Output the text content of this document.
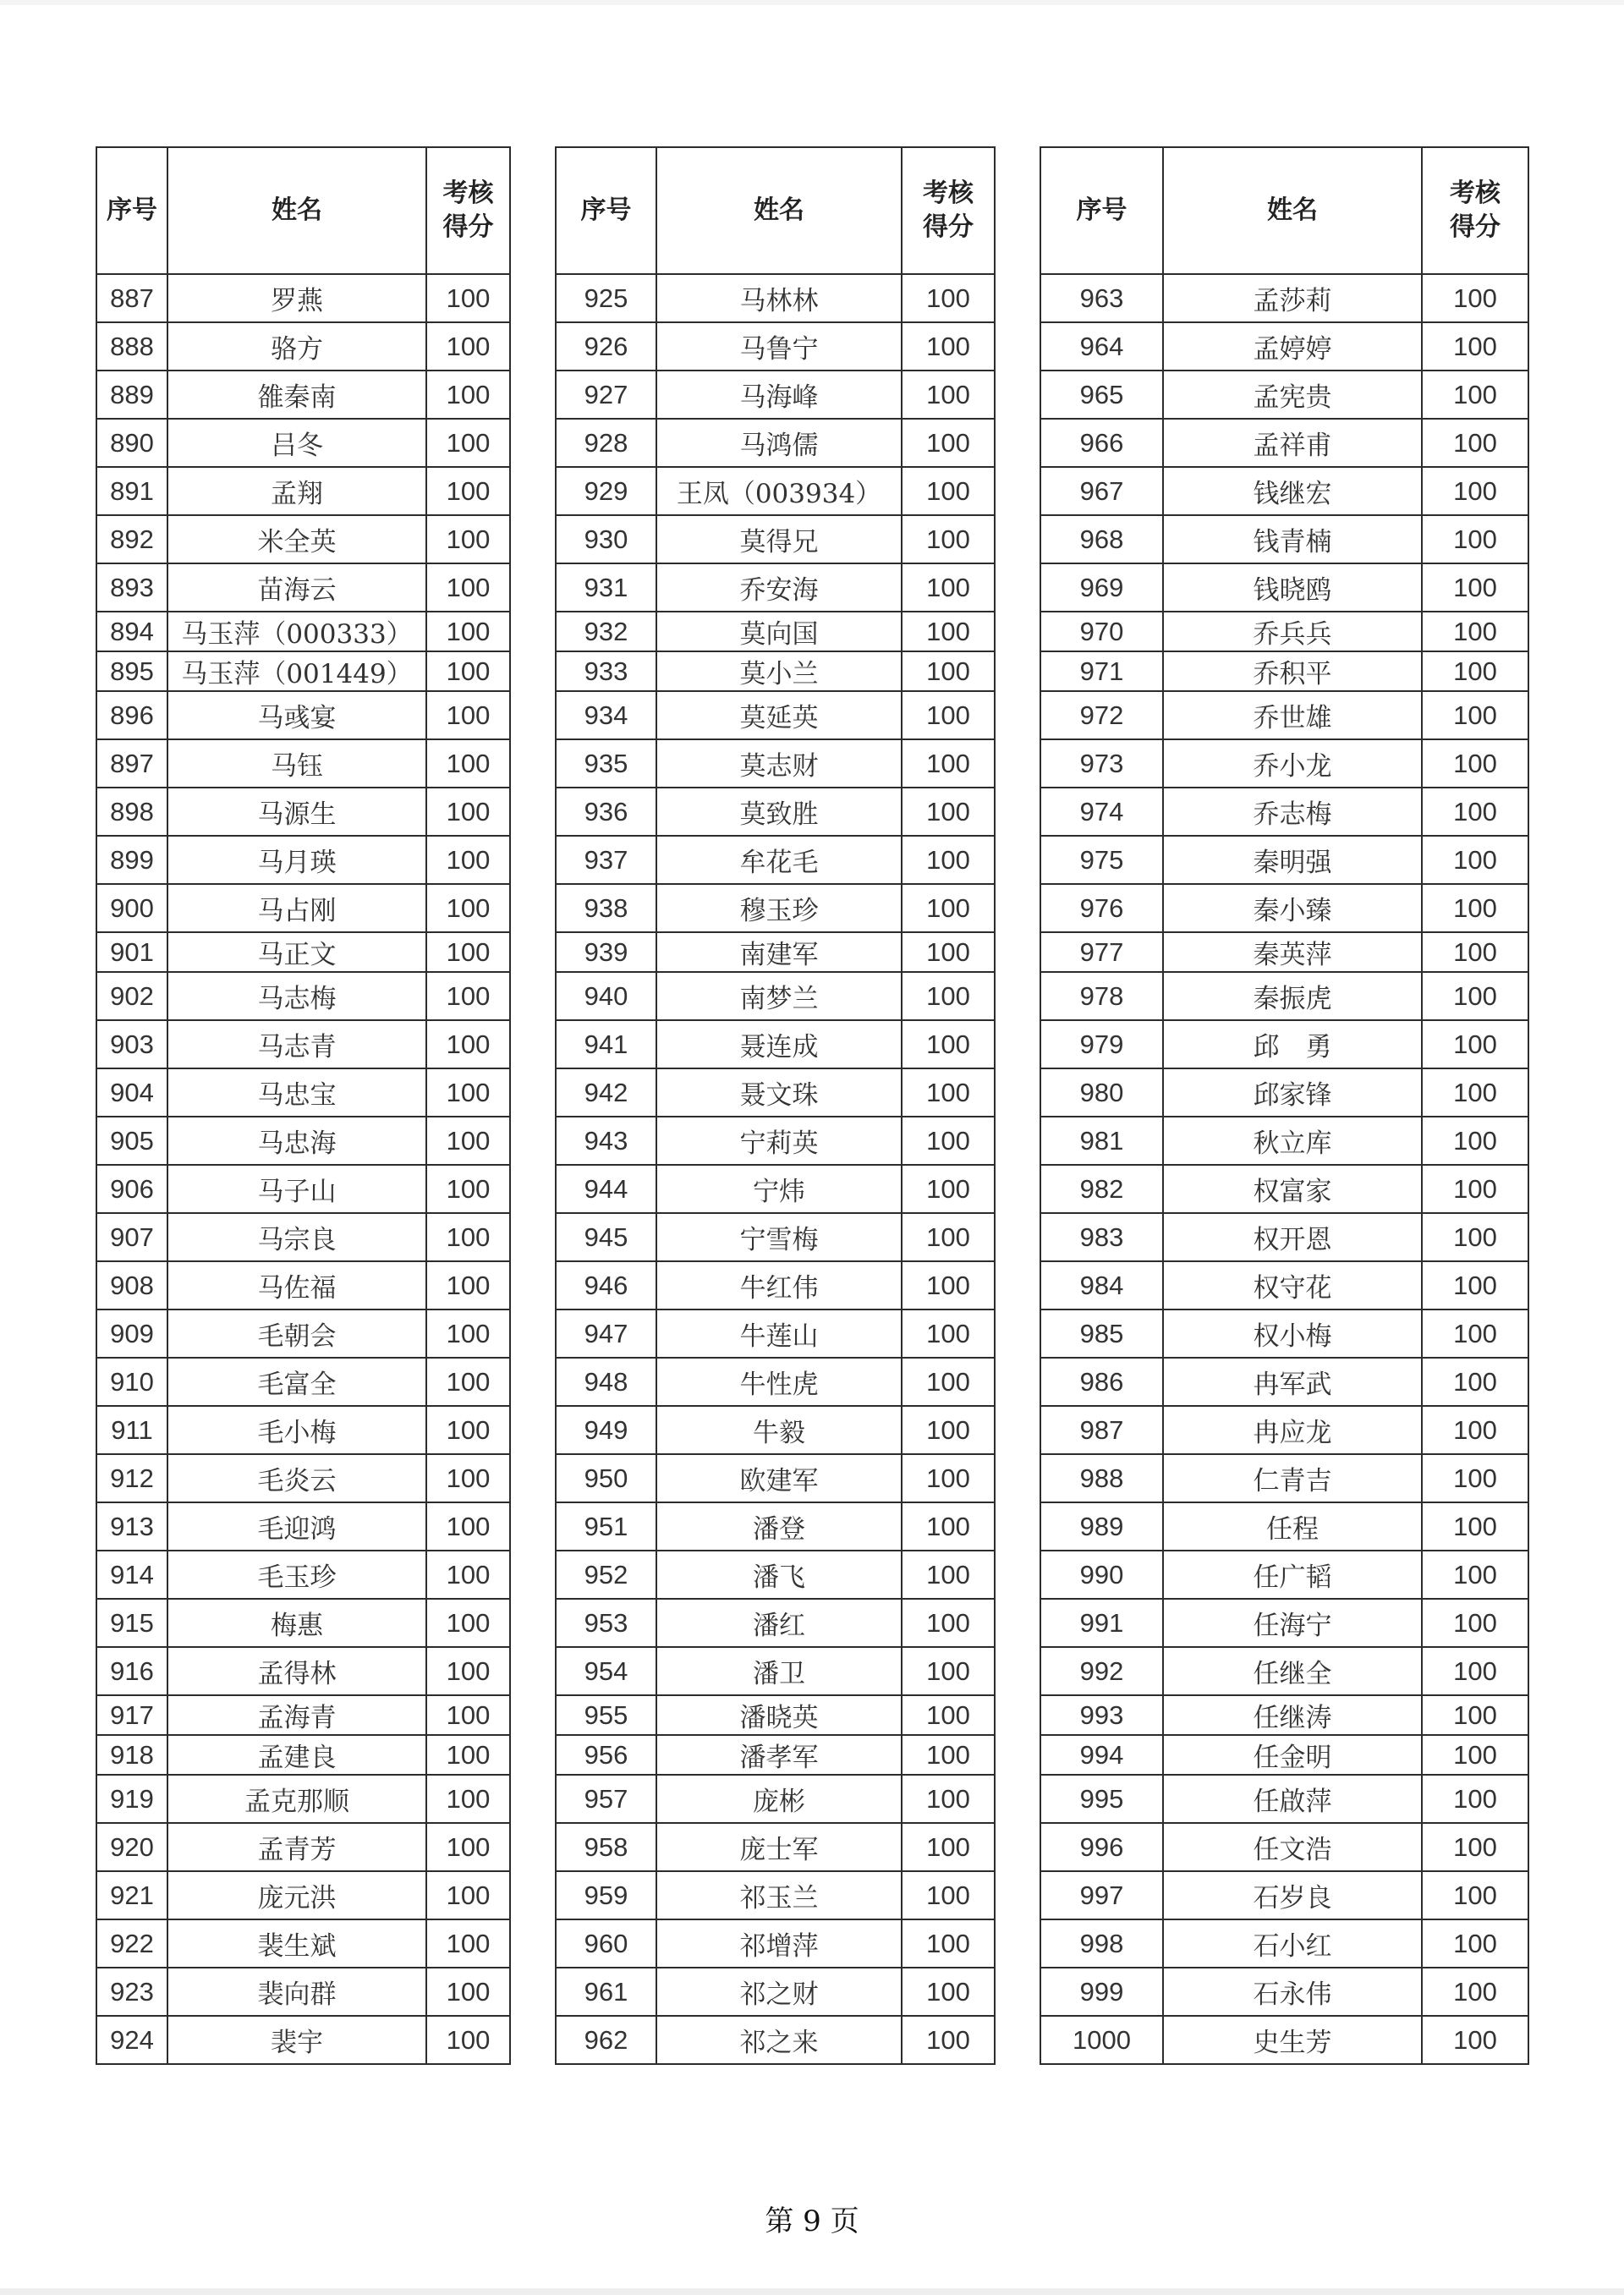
序号	姓名	考核
得分
887	罗燕	100
888	骆方	100
889	雒秦南	100
890	吕冬	100
891	孟翔	100
892	米全英	100
893	苗海云	100
894	马玉萍（000333）	100
895	马玉萍（001449）	100
896	马彧宴	100
897	马钰	100
898	马源生	100
899	马月瑛	100
900	马占刚	100
901	马正文	100
902	马志梅	100
903	马志青	100
904	马忠宝	100
905	马忠海	100
906	马子山	100
907	马宗良	100
908	马佐福	100
909	毛朝会	100
910	毛富全	100
911	毛小梅	100
912	毛炎云	100
913	毛迎鸿	100
914	毛玉珍	100
915	梅惠	100
916	孟得林	100
917	孟海青	100
918	孟建良	100
919	孟克那顺	100
920	孟青芳	100
921	庞元洪	100
922	裴生斌	100
923	裴向群	100
924	裴宇	100
序号	姓名	考核
得分
925	马林林	100
926	马鲁宁	100
927	马海峰	100
928	马鸿儒	100
929	王凤（003934）	100
930	莫得兄	100
931	乔安海	100
932	莫向国	100
933	莫小兰	100
934	莫延英	100
935	莫志财	100
936	莫致胜	100
937	牟花毛	100
938	穆玉珍	100
939	南建军	100
940	南梦兰	100
941	聂连成	100
942	聂文珠	100
943	宁莉英	100
944	宁炜	100
945	宁雪梅	100
946	牛红伟	100
947	牛莲山	100
948	牛性虎	100
949	牛毅	100
950	欧建军	100
951	潘登	100
952	潘飞	100
953	潘红	100
954	潘卫	100
955	潘晓英	100
956	潘孝军	100
957	庞彬	100
958	庞士军	100
959	祁玉兰	100
960	祁增萍	100
961	祁之财	100
962	祁之来	100
序号	姓名	考核
得分
963	孟莎莉	100
964	孟婷婷	100
965	孟宪贵	100
966	孟祥甫	100
967	钱继宏	100
968	钱青楠	100
969	钱晓鸥	100
970	乔兵兵	100
971	乔积平	100
972	乔世雄	100
973	乔小龙	100
974	乔志梅	100
975	秦明强	100
976	秦小臻	100
977	秦英萍	100
978	秦振虎	100
979	邱　勇	100
980	邱家锋	100
981	秋立库	100
982	权富家	100
983	权开恩	100
984	权守花	100
985	权小梅	100
986	冉军武	100
987	冉应龙	100
988	仁青吉	100
989	任程	100
990	任广韬	100
991	任海宁	100
992	任继全	100
993	任继涛	100
994	任金明	100
995	任啟萍	100
996	任文浩	100
997	石岁良	100
998	石小红	100
999	石永伟	100
1000	史生芳	100
第 9 页
